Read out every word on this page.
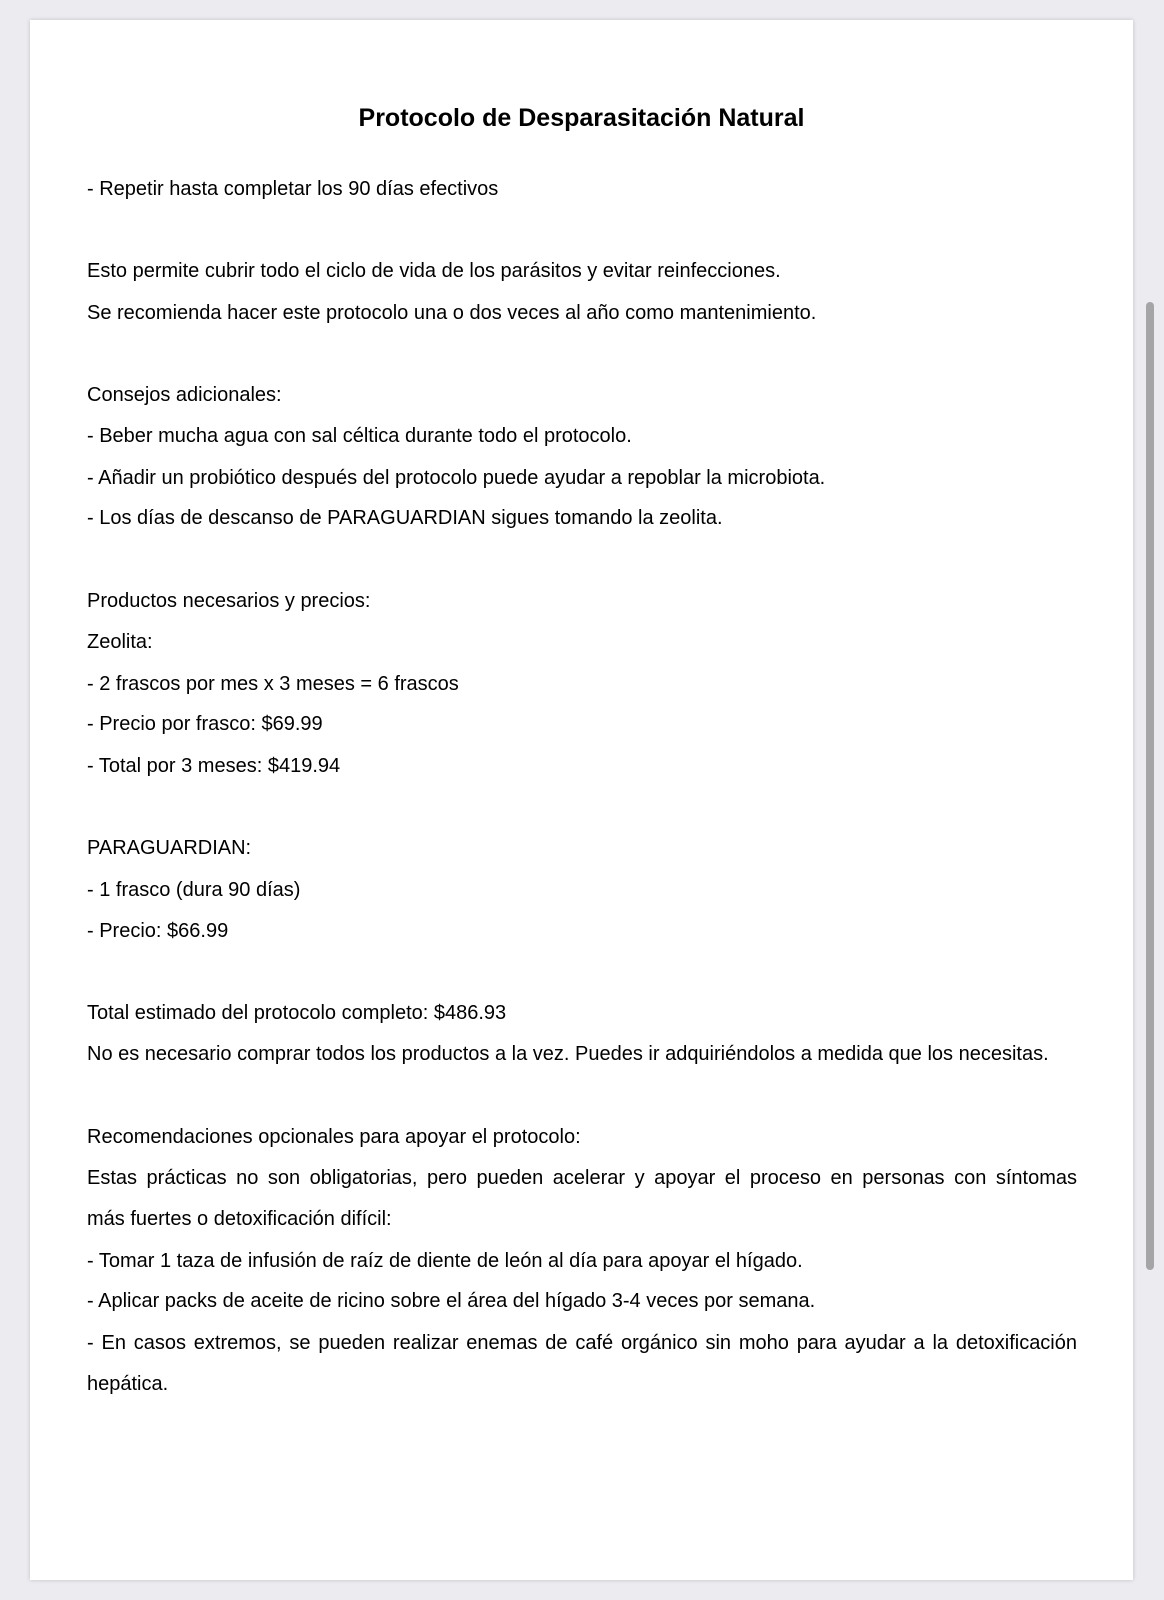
Protocolo de Desparasitación Natural
- Repetir hasta completar los 90 días efectivos
Esto permite cubrir todo el ciclo de vida de los parásitos y evitar reinfecciones.
Se recomienda hacer este protocolo una o dos veces al año como mantenimiento.
Consejos adicionales:
- Beber mucha agua con sal céltica durante todo el protocolo.
- Añadir un probiótico después del protocolo puede ayudar a repoblar la microbiota.
- Los días de descanso de PARAGUARDIAN sigues tomando la zeolita.
Productos necesarios y precios:
Zeolita:
- 2 frascos por mes x 3 meses = 6 frascos
- Precio por frasco: $69.99
- Total por 3 meses: $419.94
PARAGUARDIAN:
- 1 frasco (dura 90 días)
- Precio: $66.99
Total estimado del protocolo completo: $486.93
No es necesario comprar todos los productos a la vez. Puedes ir adquiriéndolos a medida que los necesitas.
Recomendaciones opcionales para apoyar el protocolo:
Estas prácticas no son obligatorias, pero pueden acelerar y apoyar el proceso en personas con síntomas
más fuertes o detoxificación difícil:
- Tomar 1 taza de infusión de raíz de diente de león al día para apoyar el hígado.
- Aplicar packs de aceite de ricino sobre el área del hígado 3-4 veces por semana.
- En casos extremos, se pueden realizar enemas de café orgánico sin moho para ayudar a la detoxificación
hepática.
